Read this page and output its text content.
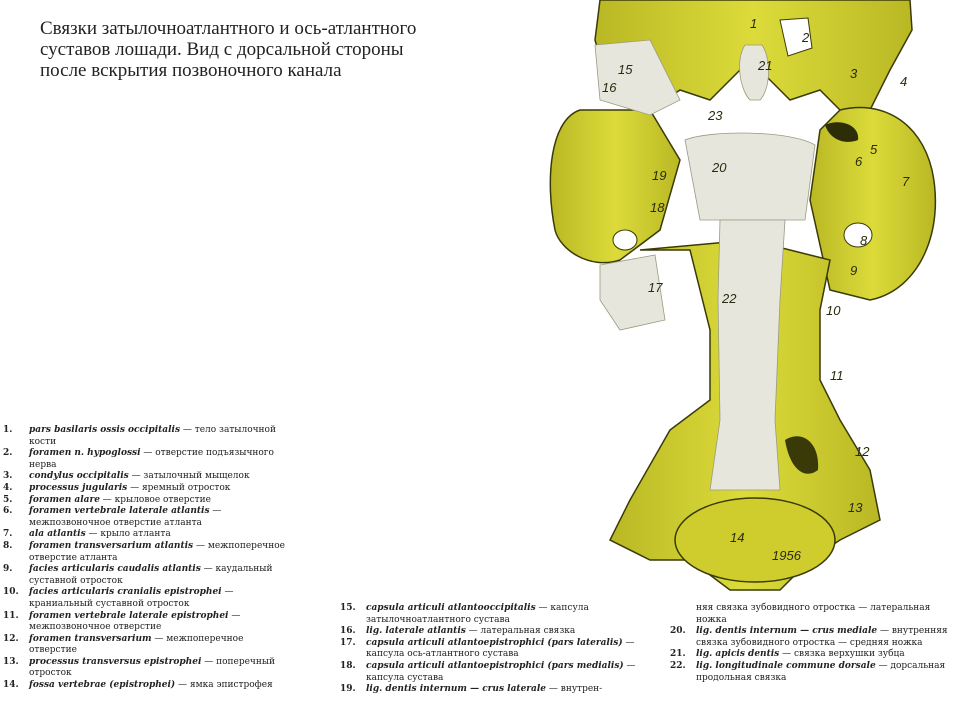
Связки затылочноатлантного и ось-атлантного
суставов лошади. Вид с дорсальной стороны
после вскрытия позвоночного канала
1
2
3
4
5
6
7
8
9
10
11
12
13
14
15
16
17
18
19
20
21
22
23
1956
1. pars basilaris ossis occipitalis — тело затылочной кости
2. foramen n. hypoglossi — отверстие подъязычного нерва
3. condylus occipitalis — затылочный мыщелок
4. processus jugularis — яремный отросток
5. foramen alare — крыловое отверстие
6. foramen vertebrale laterale atlantis — межпозвоночное отверстие атланта
7. ala atlantis — крыло атланта
8. foramen transversarium atlantis — межпоперечное отверстие атланта
9. facies articularis caudalis atlantis — каудальный суставной отросток
10. facies articularis cranialis epistrophei — краниальный суставной отросток
11. foramen vertebrale laterale epistrophei — межпозвоночное отверстие
12. foramen transversarium — межпоперечное отверстие
13. processus transversus epistrophei — поперечный отросток
14. fossa vertebrae (epistrophei) — ямка эпистрофея
15. capsula articuli atlantooccipitalis — капсула затылочноатлантного сустава
16. lig. laterale atlantis — латеральная связка
17. capsula articuli atlantoepistrophici (pars lateralis) — капсула ось-атлантного сустава
18. capsula articuli atlantoepistrophici (pars medialis) — капсула сустава
19. lig. dentis internum — crus laterale — внутрен-
няя связка зубовидного отростка — латеральная ножка
20. lig. dentis internum — crus mediale — внутренняя связка зубовидного отростка — средняя ножка
21. lig. apicis dentis — связка верхушки зубца
22. lig. longitudinale commune dorsale — дорсальная продольная связка
